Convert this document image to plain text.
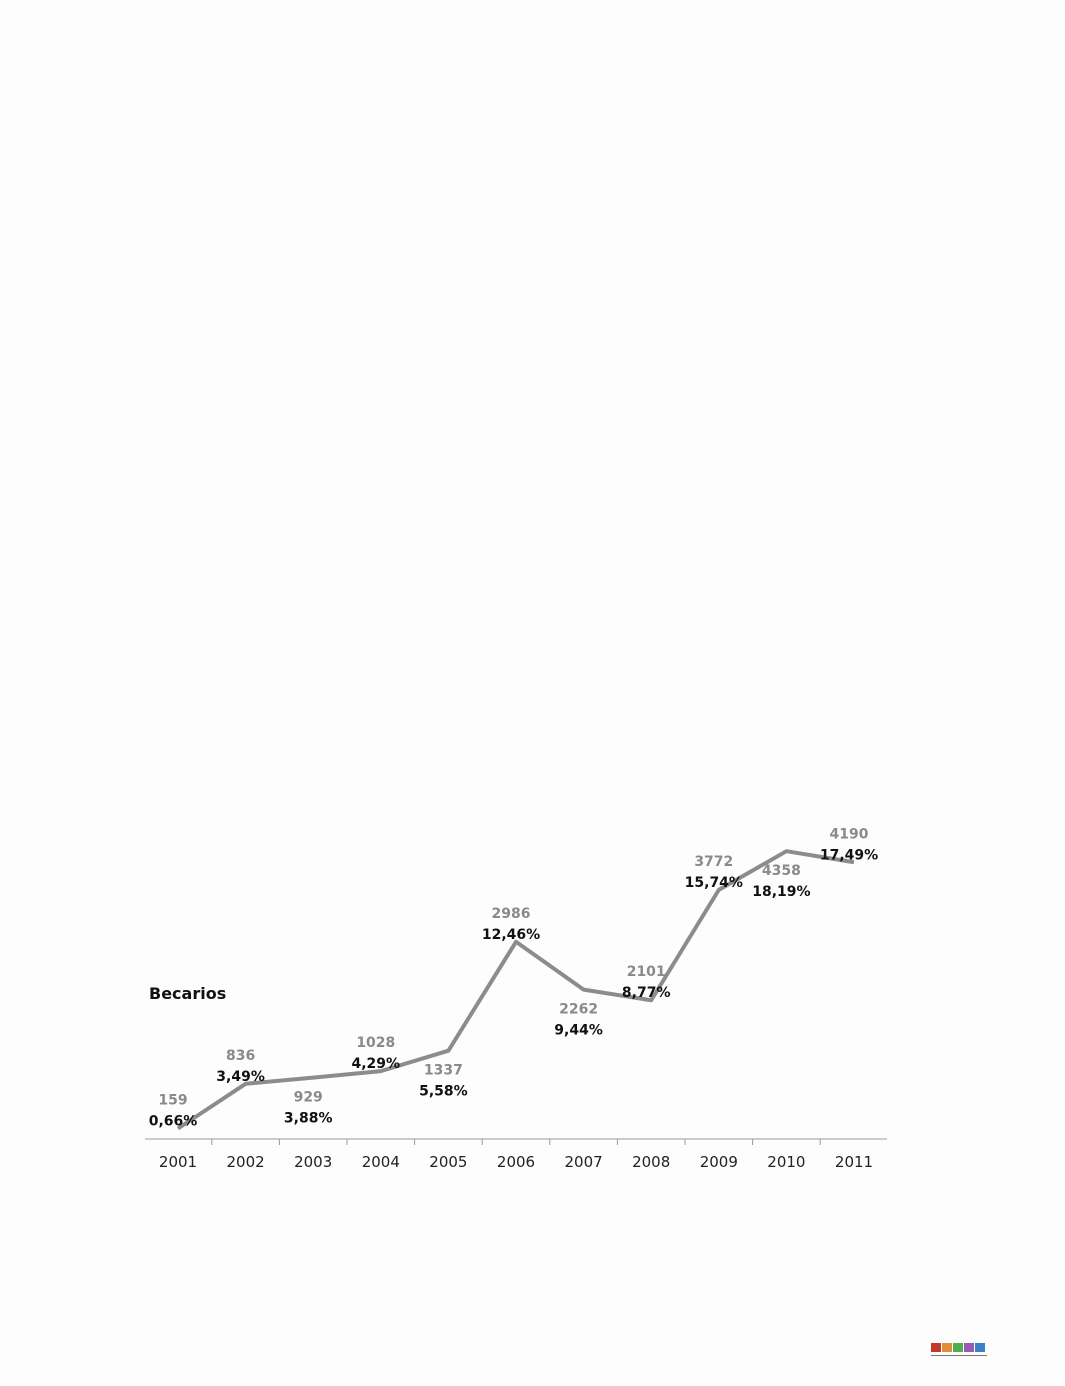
Becarios
2001 2002 2003 2004 2005 2006 2007 2008 2009 2010 2011
159
0,66%
836
3,49%
929
3,88%
1028
4,29% 1337
5,58%
2986
12,46%
2262
9,44%
2101
8,77%
3772
15,74%
4358
18,19%
4190
17,49%
